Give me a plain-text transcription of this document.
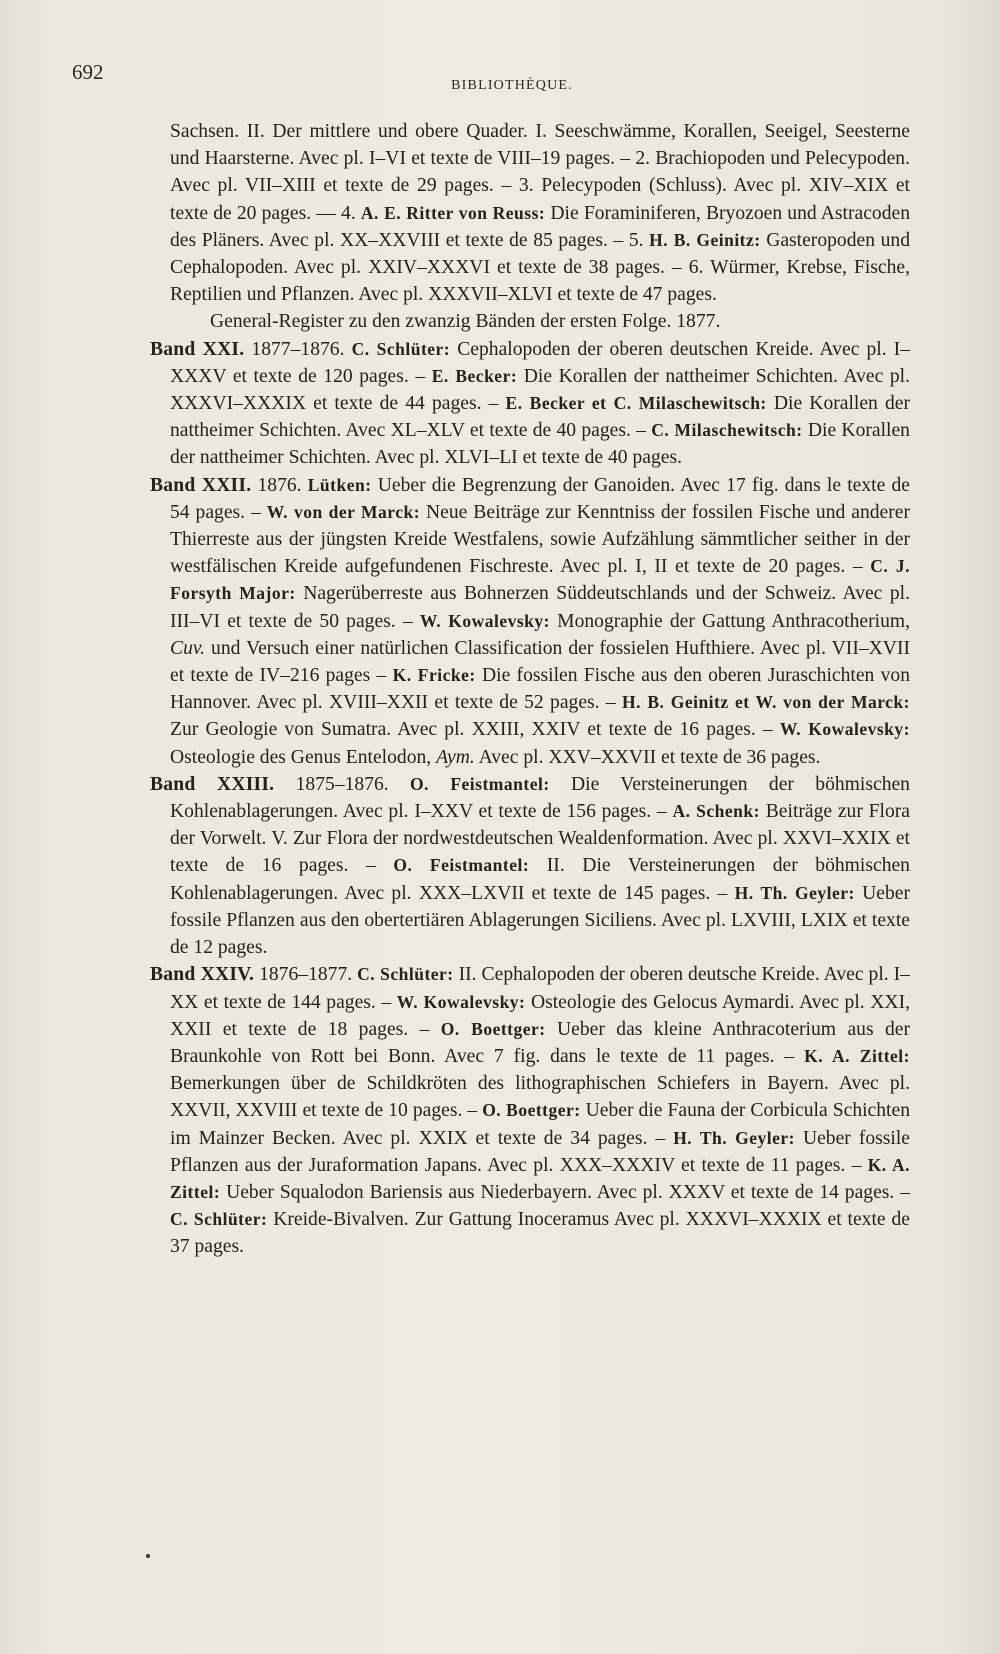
692
BIBLIOTHÈQUE.

Sachsen. II. Der mittlere und obere Quader. I. Seeschwämme, Korallen, Seeigel, Seesterne und Haarsterne. Avec pl. I–VI et texte de VIII–19 pages. – 2. Brachiopoden und Pelecypoden. Avec pl. VII–XIII et texte de 29 pages. – 3. Pelecypoden (Schluss). Avec pl. XIV–XIX et texte de 20 pages. — 4. A. E. Ritter von Reuss: Die Foraminiferen, Bryozoen und Astracoden des Pläners. Avec pl. XX–XXVIII et texte de 85 pages. – 5. H. B. Geinitz: Gasteropoden und Cephalopoden. Avec pl. XXIV–XXXVI et texte de 38 pages. – 6. Würmer, Krebse, Fische, Reptilien und Pflanzen. Avec pl. XXXVII–XLVI et texte de 47 pages.

General-Register zu den zwanzig Bänden der ersten Folge. 1877.

Band XXI. 1877–1876. C. Schlüter: Cephalopoden der oberen deutschen Kreide. Avec pl. I–XXXV et texte de 120 pages. – E. Becker: Die Korallen der nattheimer Schichten. Avec pl. XXXVI–XXXIX et texte de 44 pages. – E. Becker et C. Milaschewitsch: Die Korallen der nattheimer Schichten. Avec XL–XLV et texte de 40 pages. – C. Milaschewitsch: Die Korallen der nattheimer Schichten. Avec pl. XLVI–LI et texte de 40 pages.

Band XXII. 1876. Lütken: Ueber die Begrenzung der Ganoiden. Avec 17 fig. dans le texte de 54 pages. – W. von der Marck: Neue Beiträge zur Kenntniss der fossilen Fische und anderer Thierreste aus der jüngsten Kreide Westfalens, sowie Aufzählung sämmtlicher seither in der westfälischen Kreide aufgefundenen Fischreste. Avec pl. I, II et texte de 20 pages. – C. J. Forsyth Major: Nagerüberreste aus Bohnerzen Süddeutschlands und der Schweiz. Avec pl. III–VI et texte de 50 pages. – W. Kowalevsky: Monographie der Gattung Anthracotherium, Cuv. und Versuch einer natürlichen Classification der fossielen Hufthiere. Avec pl. VII–XVII et texte de IV–216 pages – K. Fricke: Die fossilen Fische aus den oberen Juraschichten von Hannover. Avec pl. XVIII–XXII et texte de 52 pages. – H. B. Geinitz et W. von der Marck: Zur Geologie von Sumatra. Avec pl. XXIII, XXIV et texte de 16 pages. – W. Kowalevsky: Osteologie des Genus Entelodon, Aym. Avec pl. XXV–XXVII et texte de 36 pages.

Band XXIII. 1875–1876. O. Feistmantel: Die Versteinerungen der böhmischen Kohlenablagerungen. Avec pl. I–XXV et texte de 156 pages. – A. Schenk: Beiträge zur Flora der Vorwelt. V. Zur Flora der nordwestdeutschen Wealdenformation. Avec pl. XXVI–XXIX et texte de 16 pages. – O. Feistmantel: II. Die Versteinerungen der böhmischen Kohlenablagerungen. Avec pl. XXX–LXVII et texte de 145 pages. – H. Th. Geyler: Ueber fossile Pflanzen aus den obertertiären Ablagerungen Siciliens. Avec pl. LXVIII, LXIX et texte de 12 pages.

Band XXIV. 1876–1877. C. Schlüter: II. Cephalopoden der oberen deutsche Kreide. Avec pl. I–XX et texte de 144 pages. – W. Kowalevsky: Osteologie des Gelocus Aymardi. Avec pl. XXI, XXII et texte de 18 pages. – O. Boettger: Ueber das kleine Anthracoterium aus der Braunkohle von Rott bei Bonn. Avec 7 fig. dans le texte de 11 pages. – K. A. Zittel: Bemerkungen über de Schildkröten des lithographischen Schiefers in Bayern. Avec pl. XXVII, XXVIII et texte de 10 pages. – O. Boettger: Ueber die Fauna der Corbicula Schichten im Mainzer Becken. Avec pl. XXIX et texte de 34 pages. – H. Th. Geyler: Ueber fossile Pflanzen aus der Juraformation Japans. Avec pl. XXX–XXXIV et texte de 11 pages. – K. A. Zittel: Ueber Squalodon Bariensis aus Niederbayern. Avec pl. XXXV et texte de 14 pages. – C. Schlüter: Kreide-Bivalven. Zur Gattung Inoceramus Avec pl. XXXVI–XXXIX et texte de 37 pages.
